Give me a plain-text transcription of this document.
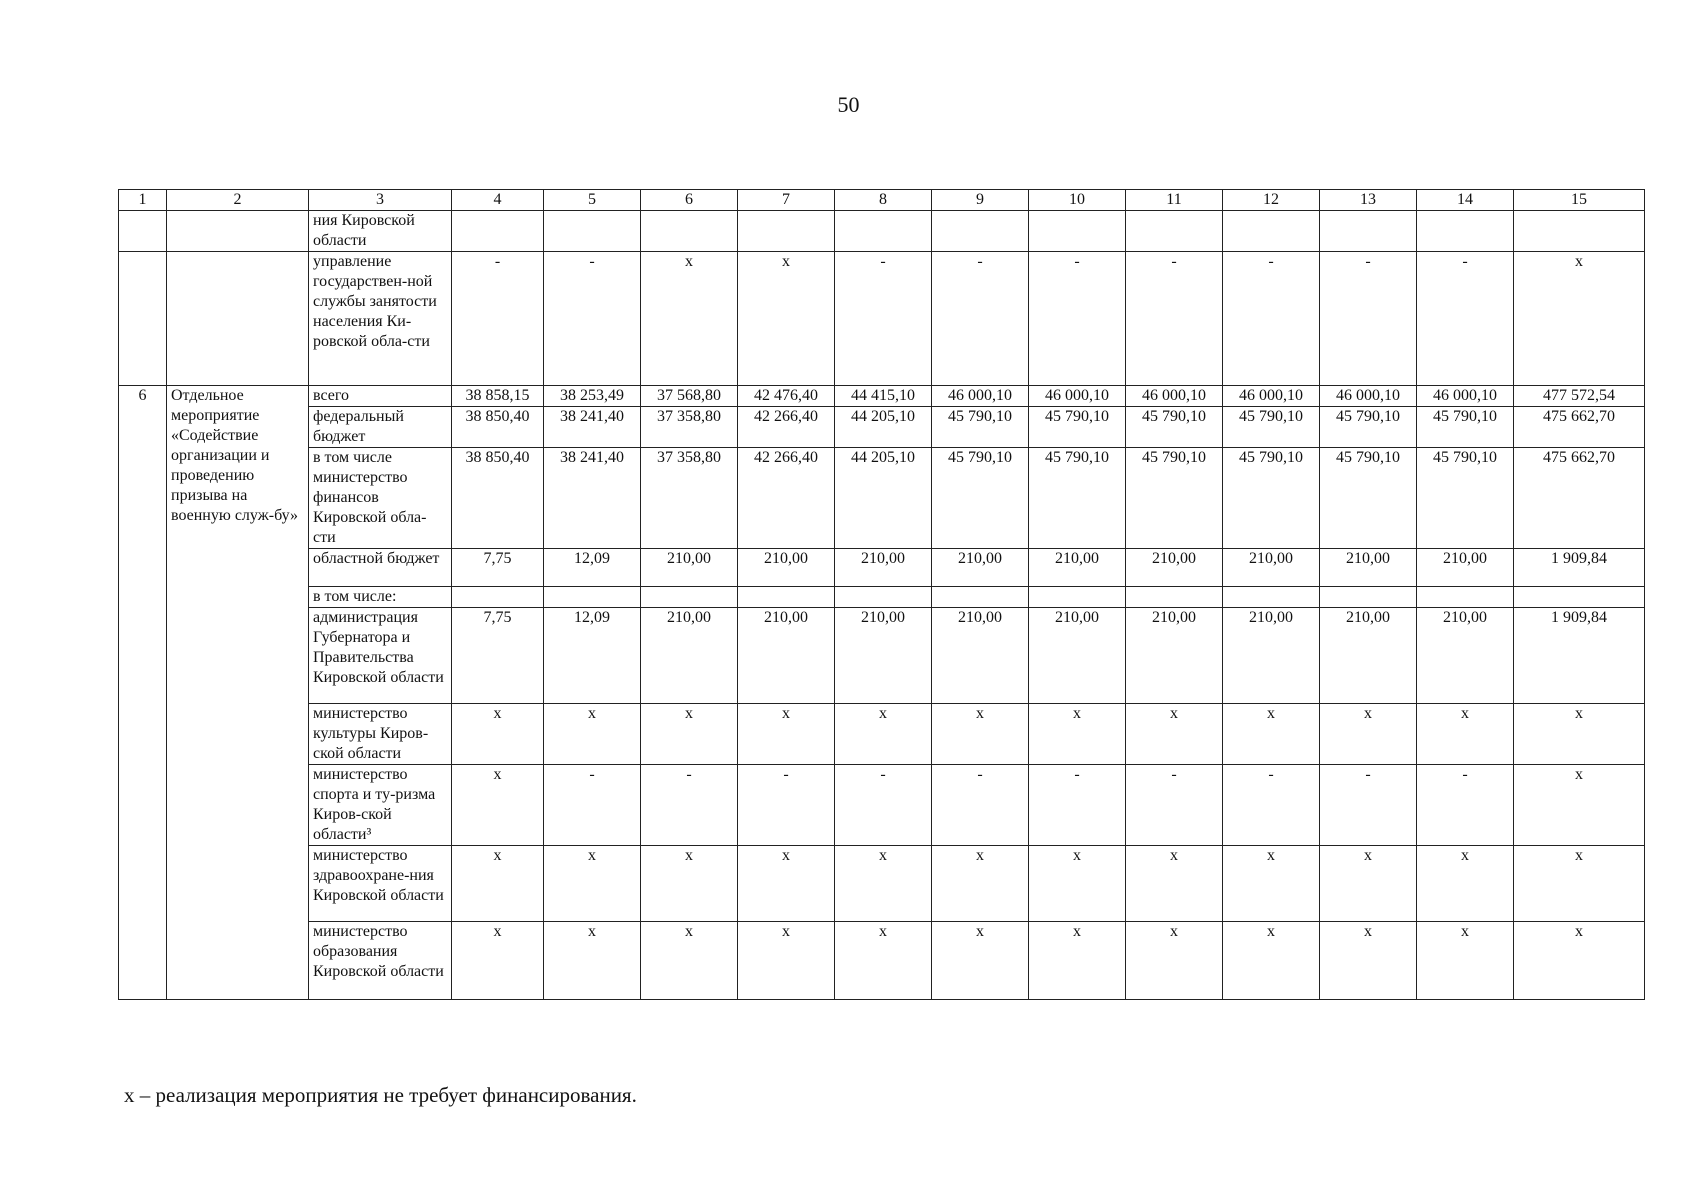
50
1	2	3	4	5	6	7	8	9	10	11	12	13	14	15
		ния Кировской области												
		управление государствен-ной службы занятости населения Ки-ровской обла-сти	-	-	x	x	-	-	-	-	-	-	-	x
6	Отдельное мероприятие «Содействие организации и проведению призыва на военную служ-бу»	всего	38 858,15	38 253,49	37 568,80	42 476,40	44 415,10	46 000,10	46 000,10	46 000,10	46 000,10	46 000,10	46 000,10	477 572,54
		федеральный бюджет	38 850,40	38 241,40	37 358,80	42 266,40	44 205,10	45 790,10	45 790,10	45 790,10	45 790,10	45 790,10	45 790,10	475 662,70
		в том числе министерство финансов Кировской обла-сти	38 850,40	38 241,40	37 358,80	42 266,40	44 205,10	45 790,10	45 790,10	45 790,10	45 790,10	45 790,10	45 790,10	475 662,70
		областной бюджет	7,75	12,09	210,00	210,00	210,00	210,00	210,00	210,00	210,00	210,00	210,00	1 909,84
		в том числе:												
		администрация Губернатора и Правительства Кировской области	7,75	12,09	210,00	210,00	210,00	210,00	210,00	210,00	210,00	210,00	210,00	1 909,84
		министерство культуры Киров-ской области	x	x	x	x	x	x	x	x	x	x	x	x
		министерство спорта и ту-ризма Киров-ской области³	x	-	-	-	-	-	-	-	-	-	-	x
		министерство здравоохране-ния Кировской области	x	x	x	x	x	x	x	x	x	x	x	x
		министерство образования Кировской области	x	x	x	x	x	x	x	x	x	x	x	x
х – реализация мероприятия не требует финансирования.
